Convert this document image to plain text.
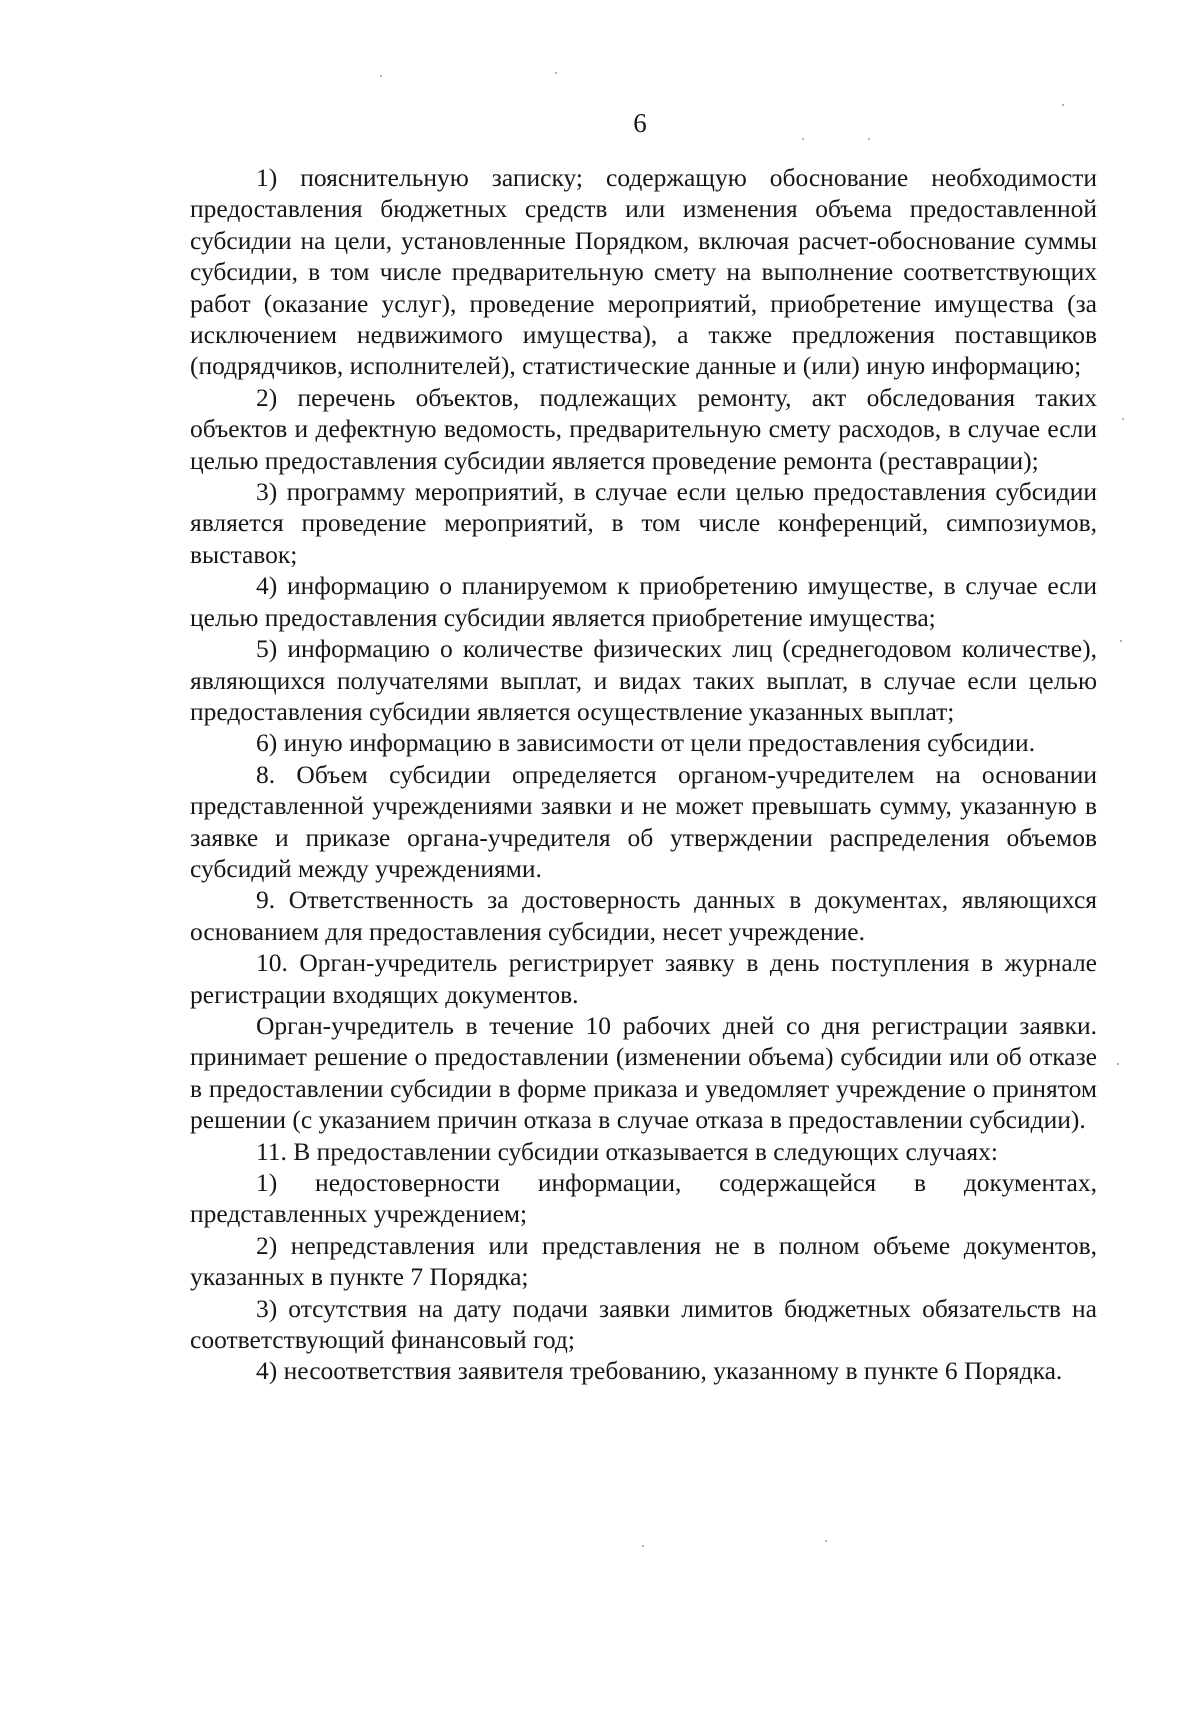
6

1) пояснительную записку; содержащую обоснование необходимости предоставления бюджетных средств или изменения объема предоставленной субсидии на цели, установленные Порядком, включая расчет-обоснование суммы субсидии, в том числе предварительную смету на выполнение соответствующих работ (оказание услуг), проведение мероприятий, приобретение имущества (за исключением недвижимого имущества), а также предложения поставщиков (подрядчиков, исполнителей), статистические данные и (или) иную информацию;

2) перечень объектов, подлежащих ремонту, акт обследования таких объектов и дефектную ведомость, предварительную смету расходов, в случае если целью предоставления субсидии является проведение ремонта (реставрации);

3) программу мероприятий, в случае если целью предоставления субсидии является проведение мероприятий, в том числе конференций, симпозиумов, выставок;

4) информацию о планируемом к приобретению имуществе, в случае если целью предоставления субсидии является приобретение имущества;

5) информацию о количестве физических лиц (среднегодовом количестве), являющихся получателями выплат, и видах таких выплат, в случае если целью предоставления субсидии является осуществление указанных выплат;

6) иную информацию в зависимости от цели предоставления субсидии.

8. Объем субсидии определяется органом-учредителем на основании представленной учреждениями заявки и не может превышать сумму, указанную в заявке и приказе органа-учредителя об утверждении распределения объемов субсидий между учреждениями.

9. Ответственность за достоверность данных в документах, являющихся основанием для предоставления субсидии, несет учреждение.

10. Орган-учредитель регистрирует заявку в день поступления в журнале регистрации входящих документов.

Орган-учредитель в течение 10 рабочих дней со дня регистрации заявки. принимает решение о предоставлении (изменении объема) субсидии или об отказе в предоставлении субсидии в форме приказа и уведомляет учреждение о принятом решении (с указанием причин отказа в случае отказа в предоставлении субсидии).

11. В предоставлении субсидии отказывается в следующих случаях:

1) недостоверности информации, содержащейся в документах, представленных учреждением;

2) непредставления или представления не в полном объеме документов, указанных в пункте 7 Порядка;

3) отсутствия на дату подачи заявки лимитов бюджетных обязательств на соответствующий финансовый год;

4) несоответствия заявителя требованию, указанному в пункте 6 Порядка.
